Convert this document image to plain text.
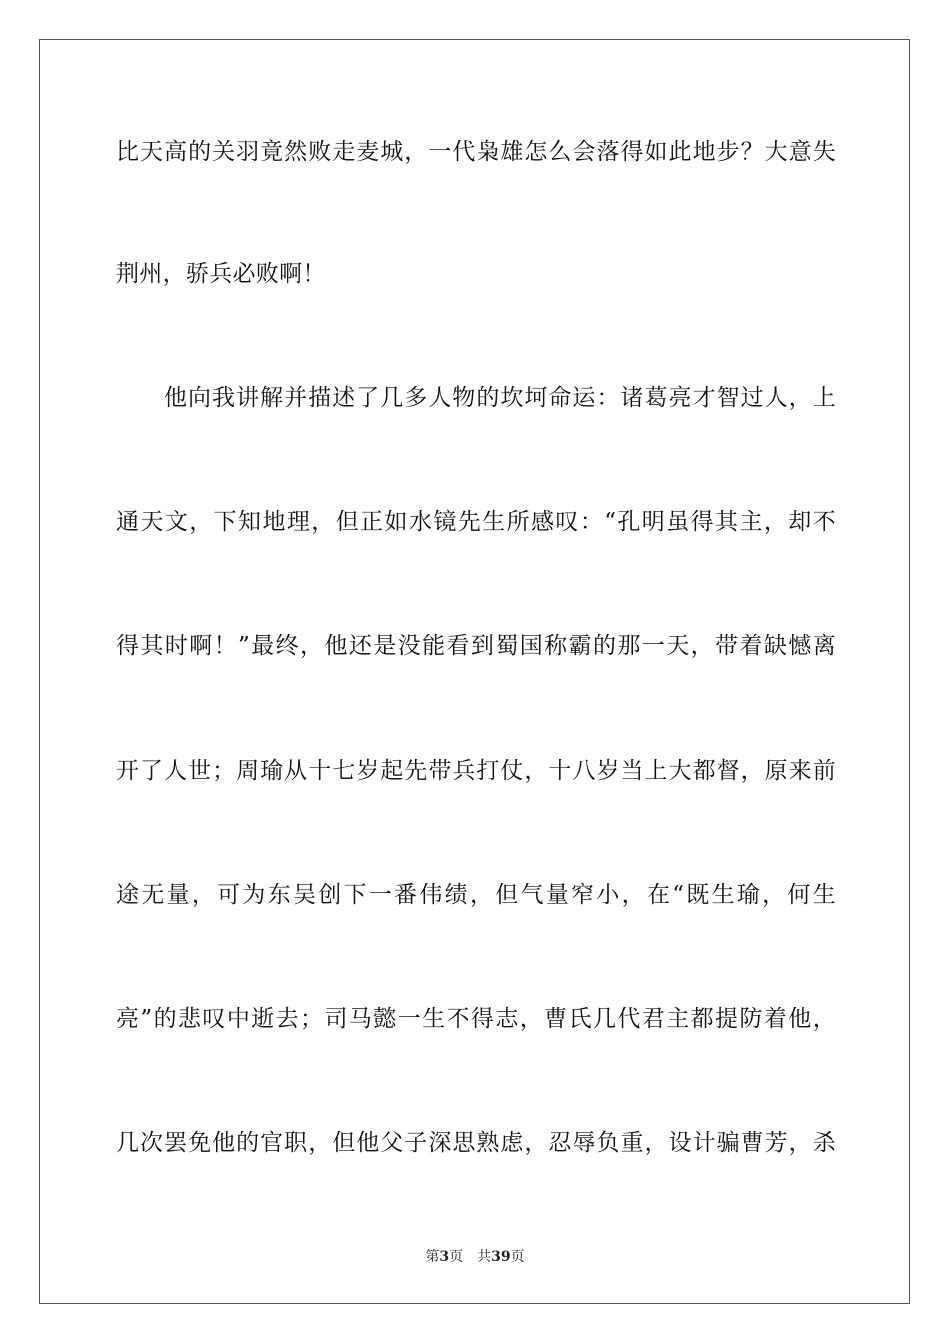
比天高的关羽竟然败走麦城，一代枭雄怎么会落得如此地步？大意失

荆州，骄兵必败啊！

他向我讲解并描述了几多人物的坎坷命运：诸葛亮才智过人，上

通天文，下知地理，但正如水镜先生所感叹：“孔明虽得其主，却不

得其时啊！”最终，他还是没能看到蜀国称霸的那一天，带着缺憾离

开了人世；周瑜从十七岁起先带兵打仗，十八岁当上大都督，原来前

途无量，可为东吴创下一番伟绩，但气量窄小，在“既生瑜，何生

亮”的悲叹中逝去；司马懿一生不得志，曹氏几代君主都提防着他，

几次罢免他的官职，但他父子深思熟虑，忍辱负重，设计骗曹芳，杀

第3页 共39页
